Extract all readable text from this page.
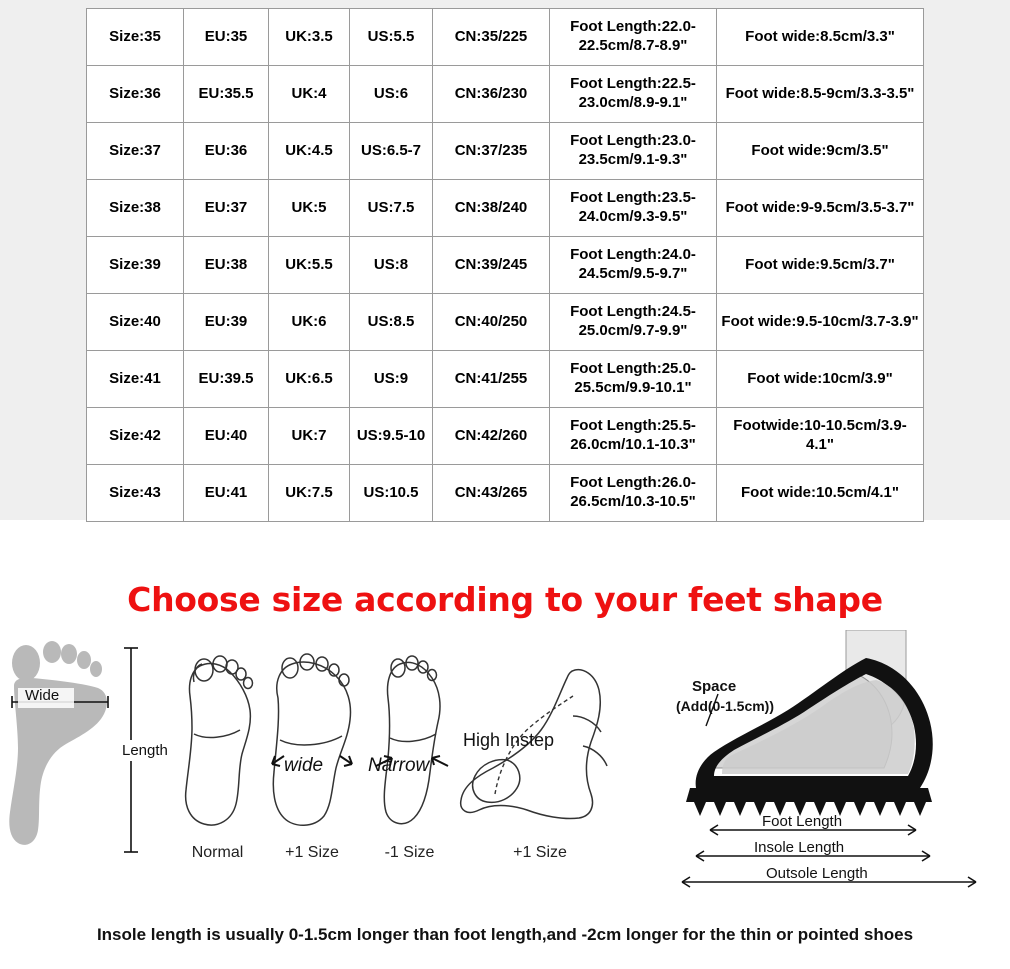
Size:35	EU:35	UK:3.5	US:5.5	CN:35/225	Foot Length:22.0-22.5cm/8.7-8.9"	Foot wide:8.5cm/3.3"
Size:36	EU:35.5	UK:4	US:6	CN:36/230	Foot Length:22.5-23.0cm/8.9-9.1"	Foot wide:8.5-9cm/3.3-3.5"
Size:37	EU:36	UK:4.5	US:6.5-7	CN:37/235	Foot Length:23.0-23.5cm/9.1-9.3"	Foot wide:9cm/3.5"
Size:38	EU:37	UK:5	US:7.5	CN:38/240	Foot Length:23.5-24.0cm/9.3-9.5"	Foot wide:9-9.5cm/3.5-3.7"
Size:39	EU:38	UK:5.5	US:8	CN:39/245	Foot Length:24.0-24.5cm/9.5-9.7"	Foot wide:9.5cm/3.7"
Size:40	EU:39	UK:6	US:8.5	CN:40/250	Foot Length:24.5-25.0cm/9.7-9.9"	Foot wide:9.5-10cm/3.7-3.9"
Size:41	EU:39.5	UK:6.5	US:9	CN:41/255	Foot Length:25.0-25.5cm/9.9-10.1"	Foot wide:10cm/3.9"
Size:42	EU:40	UK:7	US:9.5-10	CN:42/260	Foot Length:25.5-26.0cm/10.1-10.3"	Footwide:10-10.5cm/3.9-4.1"
Size:43	EU:41	UK:7.5	US:10.5	CN:43/265	Foot Length:26.0-26.5cm/10.3-10.5"	Foot wide:10.5cm/4.1"
Choose size according to your feet shape
Wide
Length
Normal
wide
+1 Size
Narrow
-1 Size
High Instep
+1 Size
Space
(Add(0-1.5cm))
Foot Length
Insole Length
Outsole Length
Insole length is usually 0-1.5cm longer than foot length,and -2cm longer for the thin or pointed shoes
